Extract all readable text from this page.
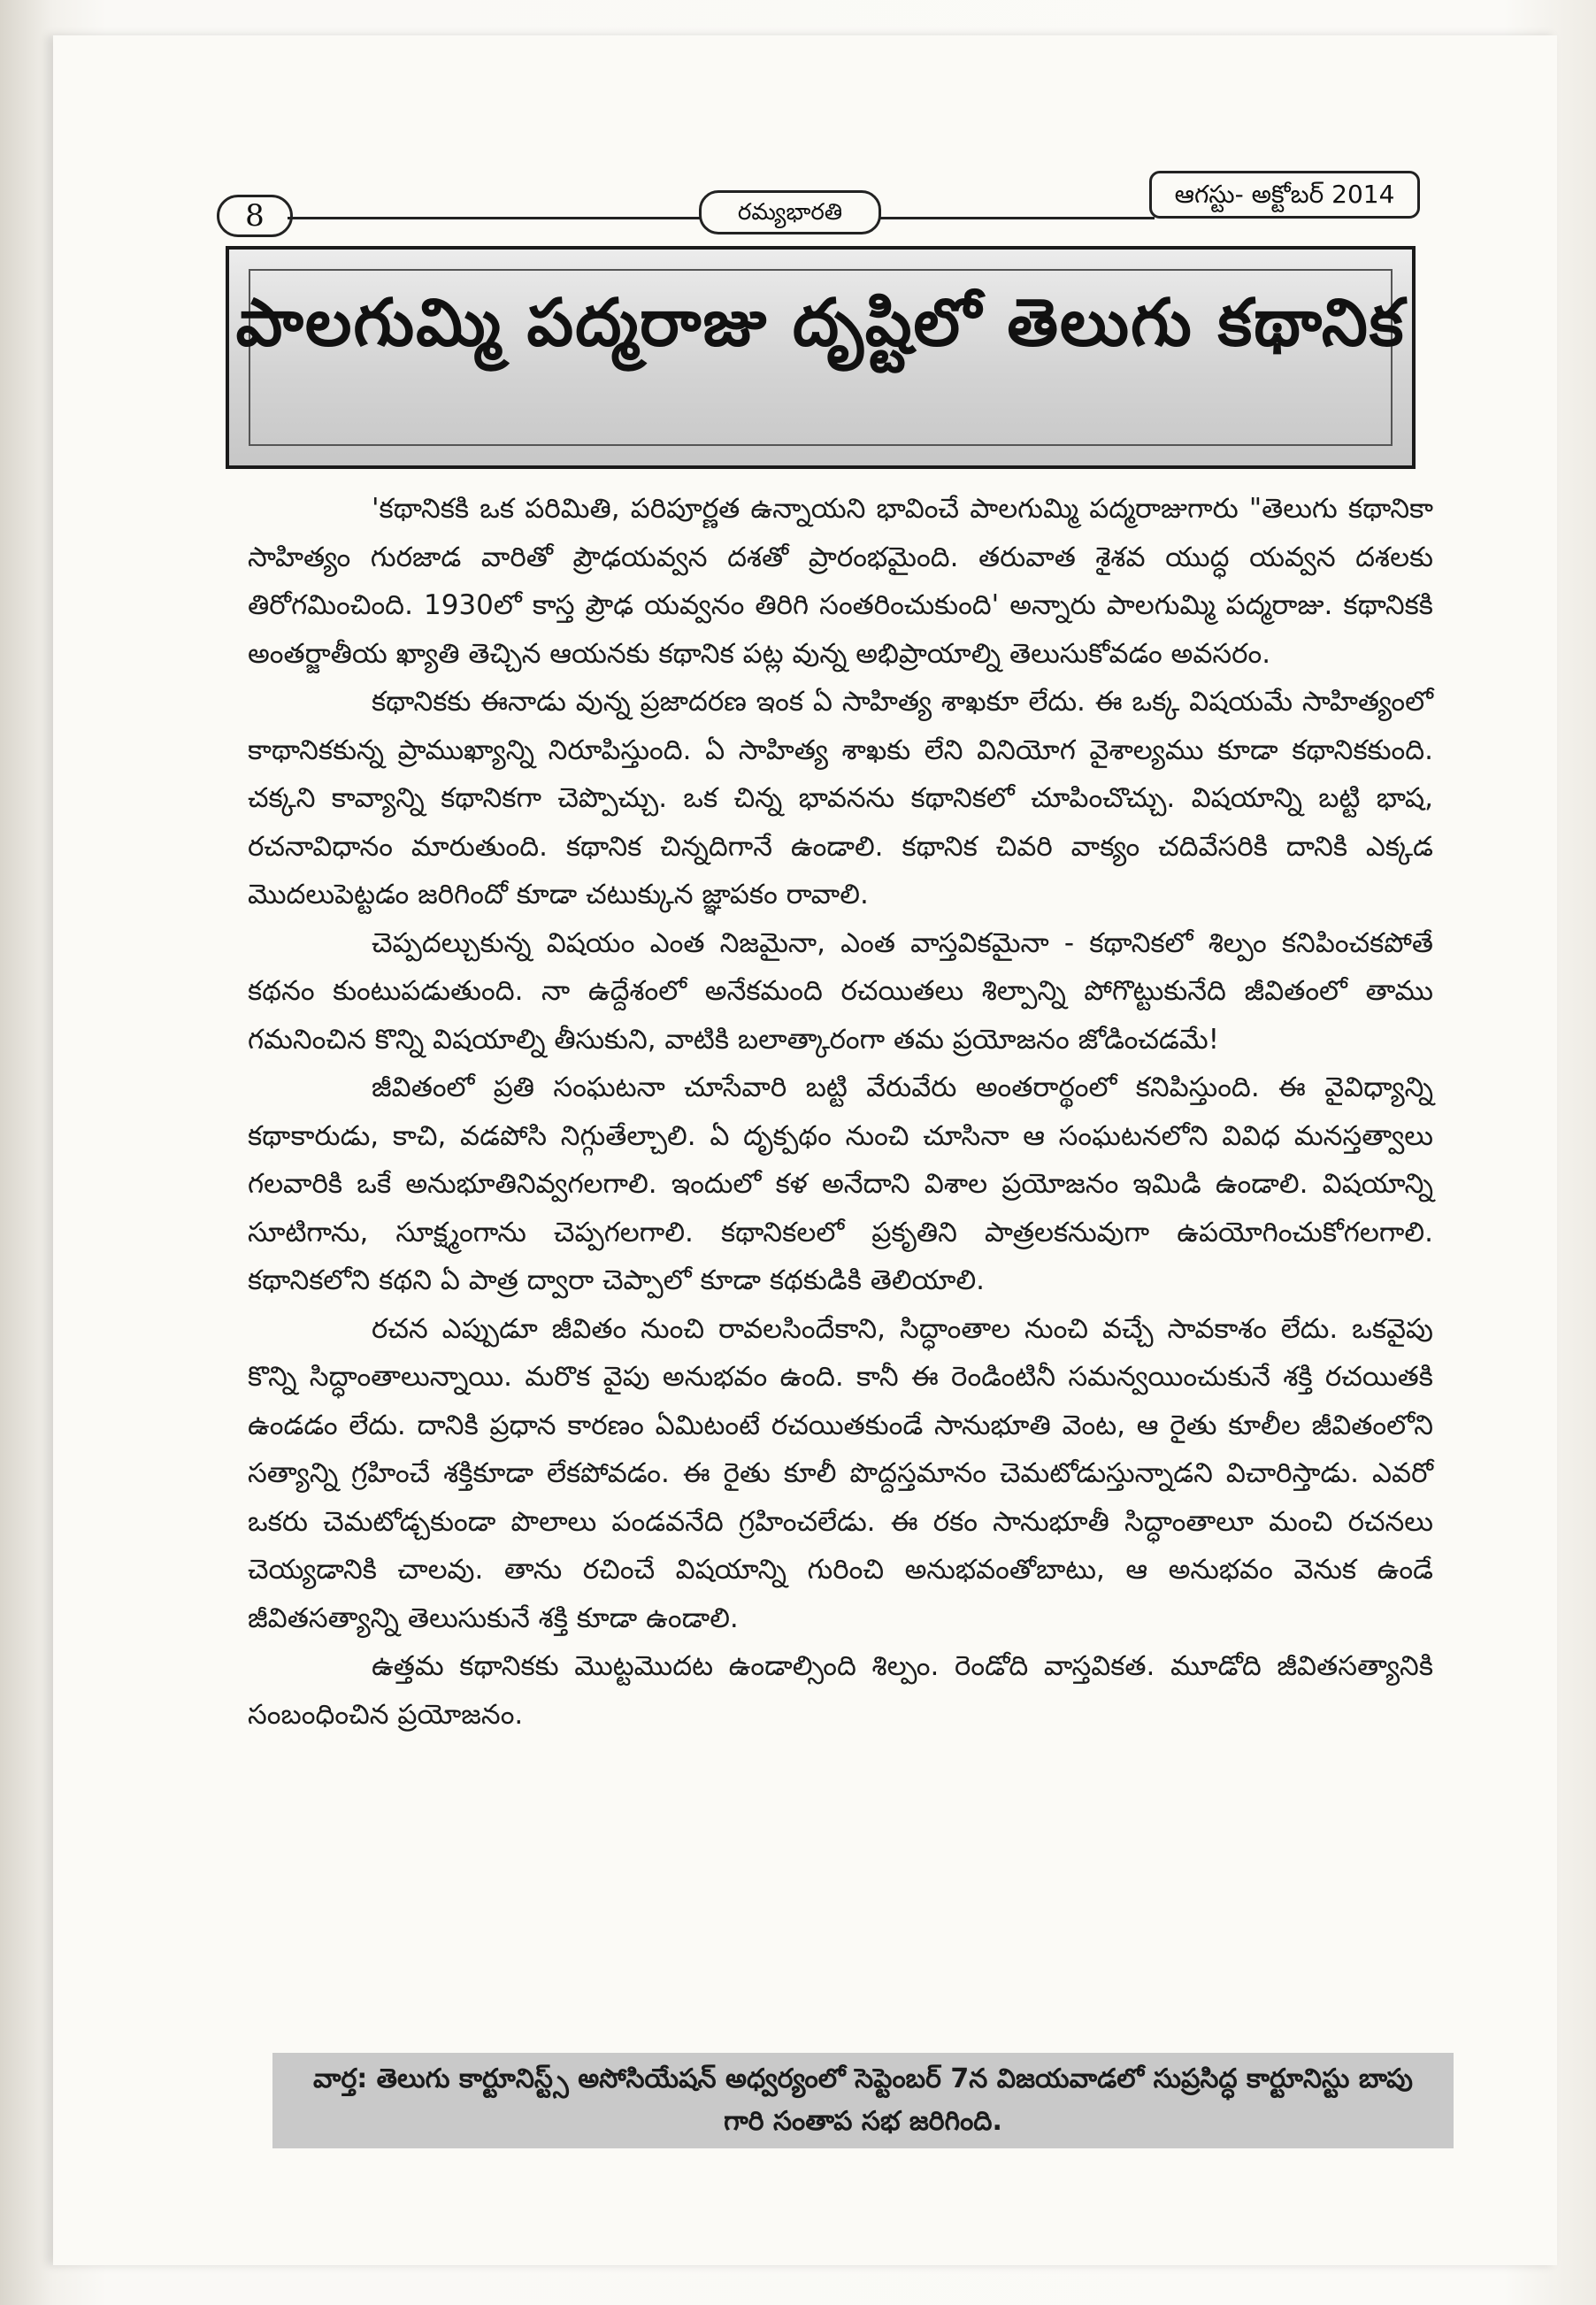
8	రమ్యభారతి
ఆగస్టు- అక్టోబర్ 2014
పాలగుమ్మి పద్మరాజు దృష్టిలో తెలుగు కథానిక

'కథానికకి ఒక పరిమితి, పరిపూర్ణత ఉన్నాయని భావించే పాలగుమ్మి పద్మరాజుగారు "తెలుగు కథానికా సాహిత్యం గురజాడ వారితో ప్రౌఢయవ్వన దశతో ప్రారంభమైంది. తరువాత శైశవ యుద్ధ యవ్వన దశలకు తిరోగమించింది. 1930లో కాస్త ప్రౌఢ యవ్వనం తిరిగి సంతరించుకుంది' అన్నారు పాలగుమ్మి పద్మరాజు. కథానికకి అంతర్జాతీయ ఖ్యాతి తెచ్చిన ఆయనకు కథానిక పట్ల వున్న అభిప్రాయాల్ని తెలుసుకోవడం అవసరం.

కథానికకు ఈనాడు వున్న ప్రజాదరణ ఇంక ఏ సాహిత్య శాఖకూ లేదు. ఈ ఒక్క విషయమే సాహిత్యంలో కాథానికకున్న ప్రాముఖ్యాన్ని నిరూపిస్తుంది. ఏ సాహిత్య శాఖకు లేని వినియోగ వైశాల్యము కూడా కథానికకుంది. చక్కని కావ్యాన్ని కథానికగా చెప్పొచ్చు. ఒక చిన్న భావనను కథానికలో చూపించొచ్చు. విషయాన్ని బట్టి భాష, రచనావిధానం మారుతుంది. కథానిక చిన్నదిగానే ఉండాలి. కథానిక చివరి వాక్యం చదివేసరికి దానికి ఎక్కడ మొదలుపెట్టడం జరిగిందో కూడా చటుక్కున జ్ఞాపకం రావాలి.

చెప్పదల్చుకున్న విషయం ఎంత నిజమైనా, ఎంత వాస్తవికమైనా - కథానికలో శిల్పం కనిపించకపోతే కథనం కుంటుపడుతుంది. నా ఉద్దేశంలో అనేకమంది రచయితలు శిల్పాన్ని పోగొట్టుకునేది జీవితంలో తాము గమనించిన కొన్ని విషయాల్ని తీసుకుని, వాటికి బలాత్కారంగా తమ ప్రయోజనం జోడించడమే!

జీవితంలో ప్రతి సంఘటనా చూసేవారి బట్టి వేరువేరు అంతరార్థంలో కనిపిస్తుంది. ఈ వైవిధ్యాన్ని కథాకారుడు, కాచి, వడపోసి నిగ్గుతేల్చాలి. ఏ దృక్పథం నుంచి చూసినా ఆ సంఘటనలోని వివిధ మనస్తత్వాలు గలవారికి ఒకే అనుభూతినివ్వగలగాలి. ఇందులో కళ అనేదాని విశాల ప్రయోజనం ఇమిడి ఉండాలి. విషయాన్ని సూటిగాను, సూక్ష్మంగాను చెప్పగలగాలి. కథానికలలో ప్రకృతిని పాత్రలకనువుగా ఉపయోగించుకోగలగాలి. కథానికలోని కథని ఏ పాత్ర ద్వారా చెప్పాలో కూడా కథకుడికి తెలియాలి.

రచన ఎప్పుడూ జీవితం నుంచి రావలసిందేకాని, సిద్ధాంతాల నుంచి వచ్చే సావకాశం లేదు. ఒకవైపు కొన్ని సిద్ధాంతాలున్నాయి. మరొక వైపు అనుభవం ఉంది. కానీ ఈ రెండింటినీ సమన్వయించుకునే శక్తి రచయితకి ఉండడం లేదు. దానికి ప్రధాన కారణం ఏమిటంటే రచయితకుండే సానుభూతి వెంట, ఆ రైతు కూలీల జీవితంలోని సత్యాన్ని గ్రహించే శక్తికూడా లేకపోవడం. ఈ రైతు కూలీ పొద్దస్తమానం చెమటోడుస్తున్నాడని విచారిస్తాడు. ఎవరో ఒకరు చెమటోడ్చకుండా పొలాలు పండవనేది గ్రహించలేడు. ఈ రకం సానుభూతీ సిద్ధాంతాలూ మంచి రచనలు చెయ్యడానికి చాలవు. తాను రచించే విషయాన్ని గురించి అనుభవంతోబాటు, ఆ అనుభవం వెనుక ఉండే జీవితసత్యాన్ని తెలుసుకునే శక్తి కూడా ఉండాలి.

ఉత్తమ కథానికకు మొట్టమొదట ఉండాల్సింది శిల్పం. రెండోది వాస్తవికత. మూడోది జీవితసత్యానికి సంబంధించిన ప్రయోజనం.

వార్త: తెలుగు కార్టూనిస్ట్స్ అసోసియేషన్ అధ్వర్యంలో సెప్టెంబర్ 7న విజయవాడలో సుప్రసిద్ధ కార్టూనిస్టు బాపు గారి సంతాప సభ జరిగింది.
